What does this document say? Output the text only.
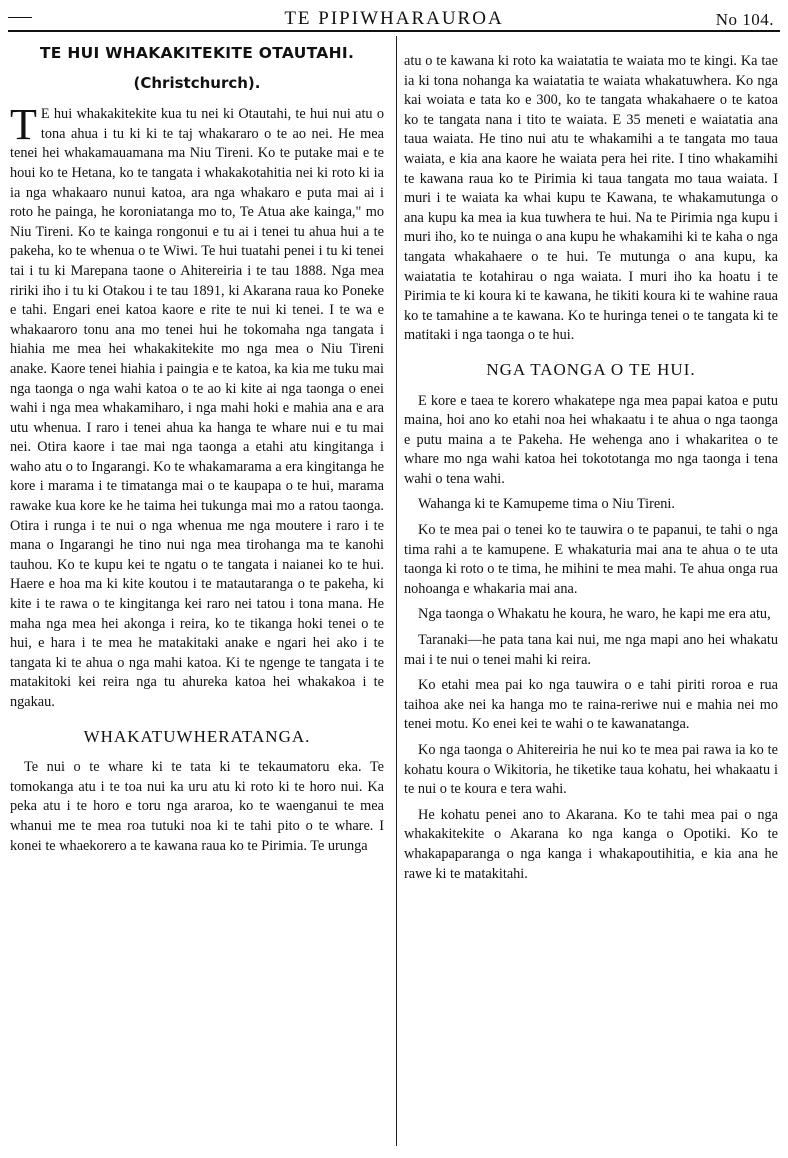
TE PIPIWHARAUROA	No 104.
TE HUI WHAKAKITEKITE OTAUTAHI.
(Christchurch).

T E hui whakakitekite kua tu nei ki Otautahi, te hui nui atu o tona ahua i tu ki ki te taj whakararo o te ao nei. He mea tenei hei whakamauamana ma Niu Tireni. Ko te putake mai e te houi ko te Hetana, ko te tangata i whakakotahitia nei ki roto ki ia ia nga whakaaro nunui katoa, ara nga whakaro e puta mai ai i roto he painga, he koroniatanga mo to, Te Atua ake kainga," mo Niu Tireni. Ko te kainga rongonui e tu ai i tenei tu ahua hui a te pakeha, ko te whenua o te Wiwi. Te hui tuatahi penei i tu ki tenei tai i tu ki Marepana taone o Ahitereiria i te tau 1888. Nga mea ririki iho i tu ki Otakou i te tau 1891, ki Akarana raua ko Poneke e tahi. Engari enei katoa kaore e rite te nui ki tenei. I te wa e whakaaroro tonu ana mo tenei hui he tokomaha nga tangata i hiahia me mea hei whakakitekite mo nga mea o Niu Tireni anake. Kaore tenei hiahia i paingia e te katoa, ka kia me tuku mai nga taonga o nga wahi katoa o te ao ki kite ai nga taonga o enei wahi i nga mea whakamiharo, i nga mahi hoki e mahia ana e ara utu whenua. I raro i tenei ahua ka hanga te whare nui e tu mai nei. Otira kaore i tae mai nga taonga a etahi atu kingitanga i waho atu o to Ingarangi. Ko te whakamarama a era kingitanga he kore i marama i te timatanga mai o te kaupapa o te hui, marama rawake kua kore ke he taima hei tukunga mai mo a ratou taonga. Otira i runga i te nui o nga whenua me nga moutere i raro i te mana o Ingarangi he tino nui nga mea tirohanga ma te kanohi tauhou. Ko te kupu kei te ngatu o te tangata i naianei ko te hui. Haere e hoa ma ki kite koutou i te matautaranga o te pakeha, ki kite i te rawa o te kingitanga kei raro nei tatou i tona mana. He maha nga mea hei akonga i reira, ko te tikanga hoki tenei o te hui, e hara i te mea he matakitaki anake e ngari hei ako i te tangata ki te ahua o nga mahi katoa. Ki te ngenge te tangata i te matakitoki kei reira nga tu ahureka katoa hei whakakoa i te ngakau.

WHAKATUWHERATANGA.

Te nui o te whare ki te tata ki te tekaumatoru eka. Te tomokanga atu i te toa nui ka uru atu ki roto ki te horo nui. Ka peka atu i te horo e toru nga araroa, ko te waenganui te mea whanui me te mea roa tutuki noa ki te tahi pito o te whare. I konei te whaekorero a te kawana raua ko te Pirimia. Te urunga

atu o te kawana ki roto ka waiatatia te waiata mo te kingi. Ka tae ia ki tona nohanga ka waiatatia te waiata whakatuwhera. Ko nga kai woiata e tata ko e 300, ko te tangata whakahaere o te katoa ko te tangata nana i tito te waiata. E 35 meneti e waiatatia ana taua waiata. He tino nui atu te whakamihi a te tangata mo taua waiata, e kia ana kaore he waiata pera hei rite. I tino whakamihi te kawana raua ko te Pirimia ki taua tangata mo taua waiata. I muri i te waiata ka whai kupu te Kawana, te whakamutunga o ana kupu ka mea ia kua tuwhera te hui. Na te Pirimia nga kupu i muri iho, ko te nuinga o ana kupu he whakamihi ki te kaha o nga tangata whakahaere o te hui. Te mutunga o ana kupu, ka waiatatia te kotahirau o nga waiata. I muri iho ka hoatu i te Pirimia te ki koura ki te kawana, he tikiti koura ki te wahine raua ko te tamahine a te kawana. Ko te huringa tenei o te tangata ki te matitaki i nga taonga o te hui.

NGA TAONGA O TE HUI.

E kore e taea te korero whakatepe nga mea papai katoa e putu maina, hoi ano ko etahi noa hei whakaatu i te ahua o nga taonga e putu maina a te Pakeha. He wehenga ano i whakaritea o te whare mo nga wahi katoa hei tokototanga mo nga taonga i tena wahi o tena wahi.

Wahanga ki te Kamupeme tima o Niu Tireni.

Ko te mea pai o tenei ko te tauwira o te papanui, te tahi o nga tima rahi a te kamupene. E whakaturia mai ana te ahua o te uta taonga ki roto o te tima, he mihini te mea mahi. Te ahua onga rua nohoanga e whakaria mai ana.

Nga taonga o Whakatu he koura, he waro, he kapi me era atu,

Taranaki—he pata tana kai nui, me nga mapi ano hei whakatu mai i te nui o tenei mahi ki reira.

Ko etahi mea pai ko nga tauwira o e tahi piriti roroa e rua taihoa ake nei ka hanga mo te raina-reriwe nui e mahia nei mo tenei motu. Ko enei kei te wahi o te kawanatanga.

Ko nga taonga o Ahitereiria he nui ko te mea pai rawa ia ko te kohatu koura o Wikitoria, he tiketike taua kohatu, hei whakaatu i te nui o te koura e tera wahi.

He kohatu penei ano to Akarana. Ko te tahi mea pai o nga whakakitekite o Akarana ko nga kanga o Opotiki. Ko te whakapaparanga o nga kanga i whakapoutihitia, e kia ana he rawe ki te matakitahi.
